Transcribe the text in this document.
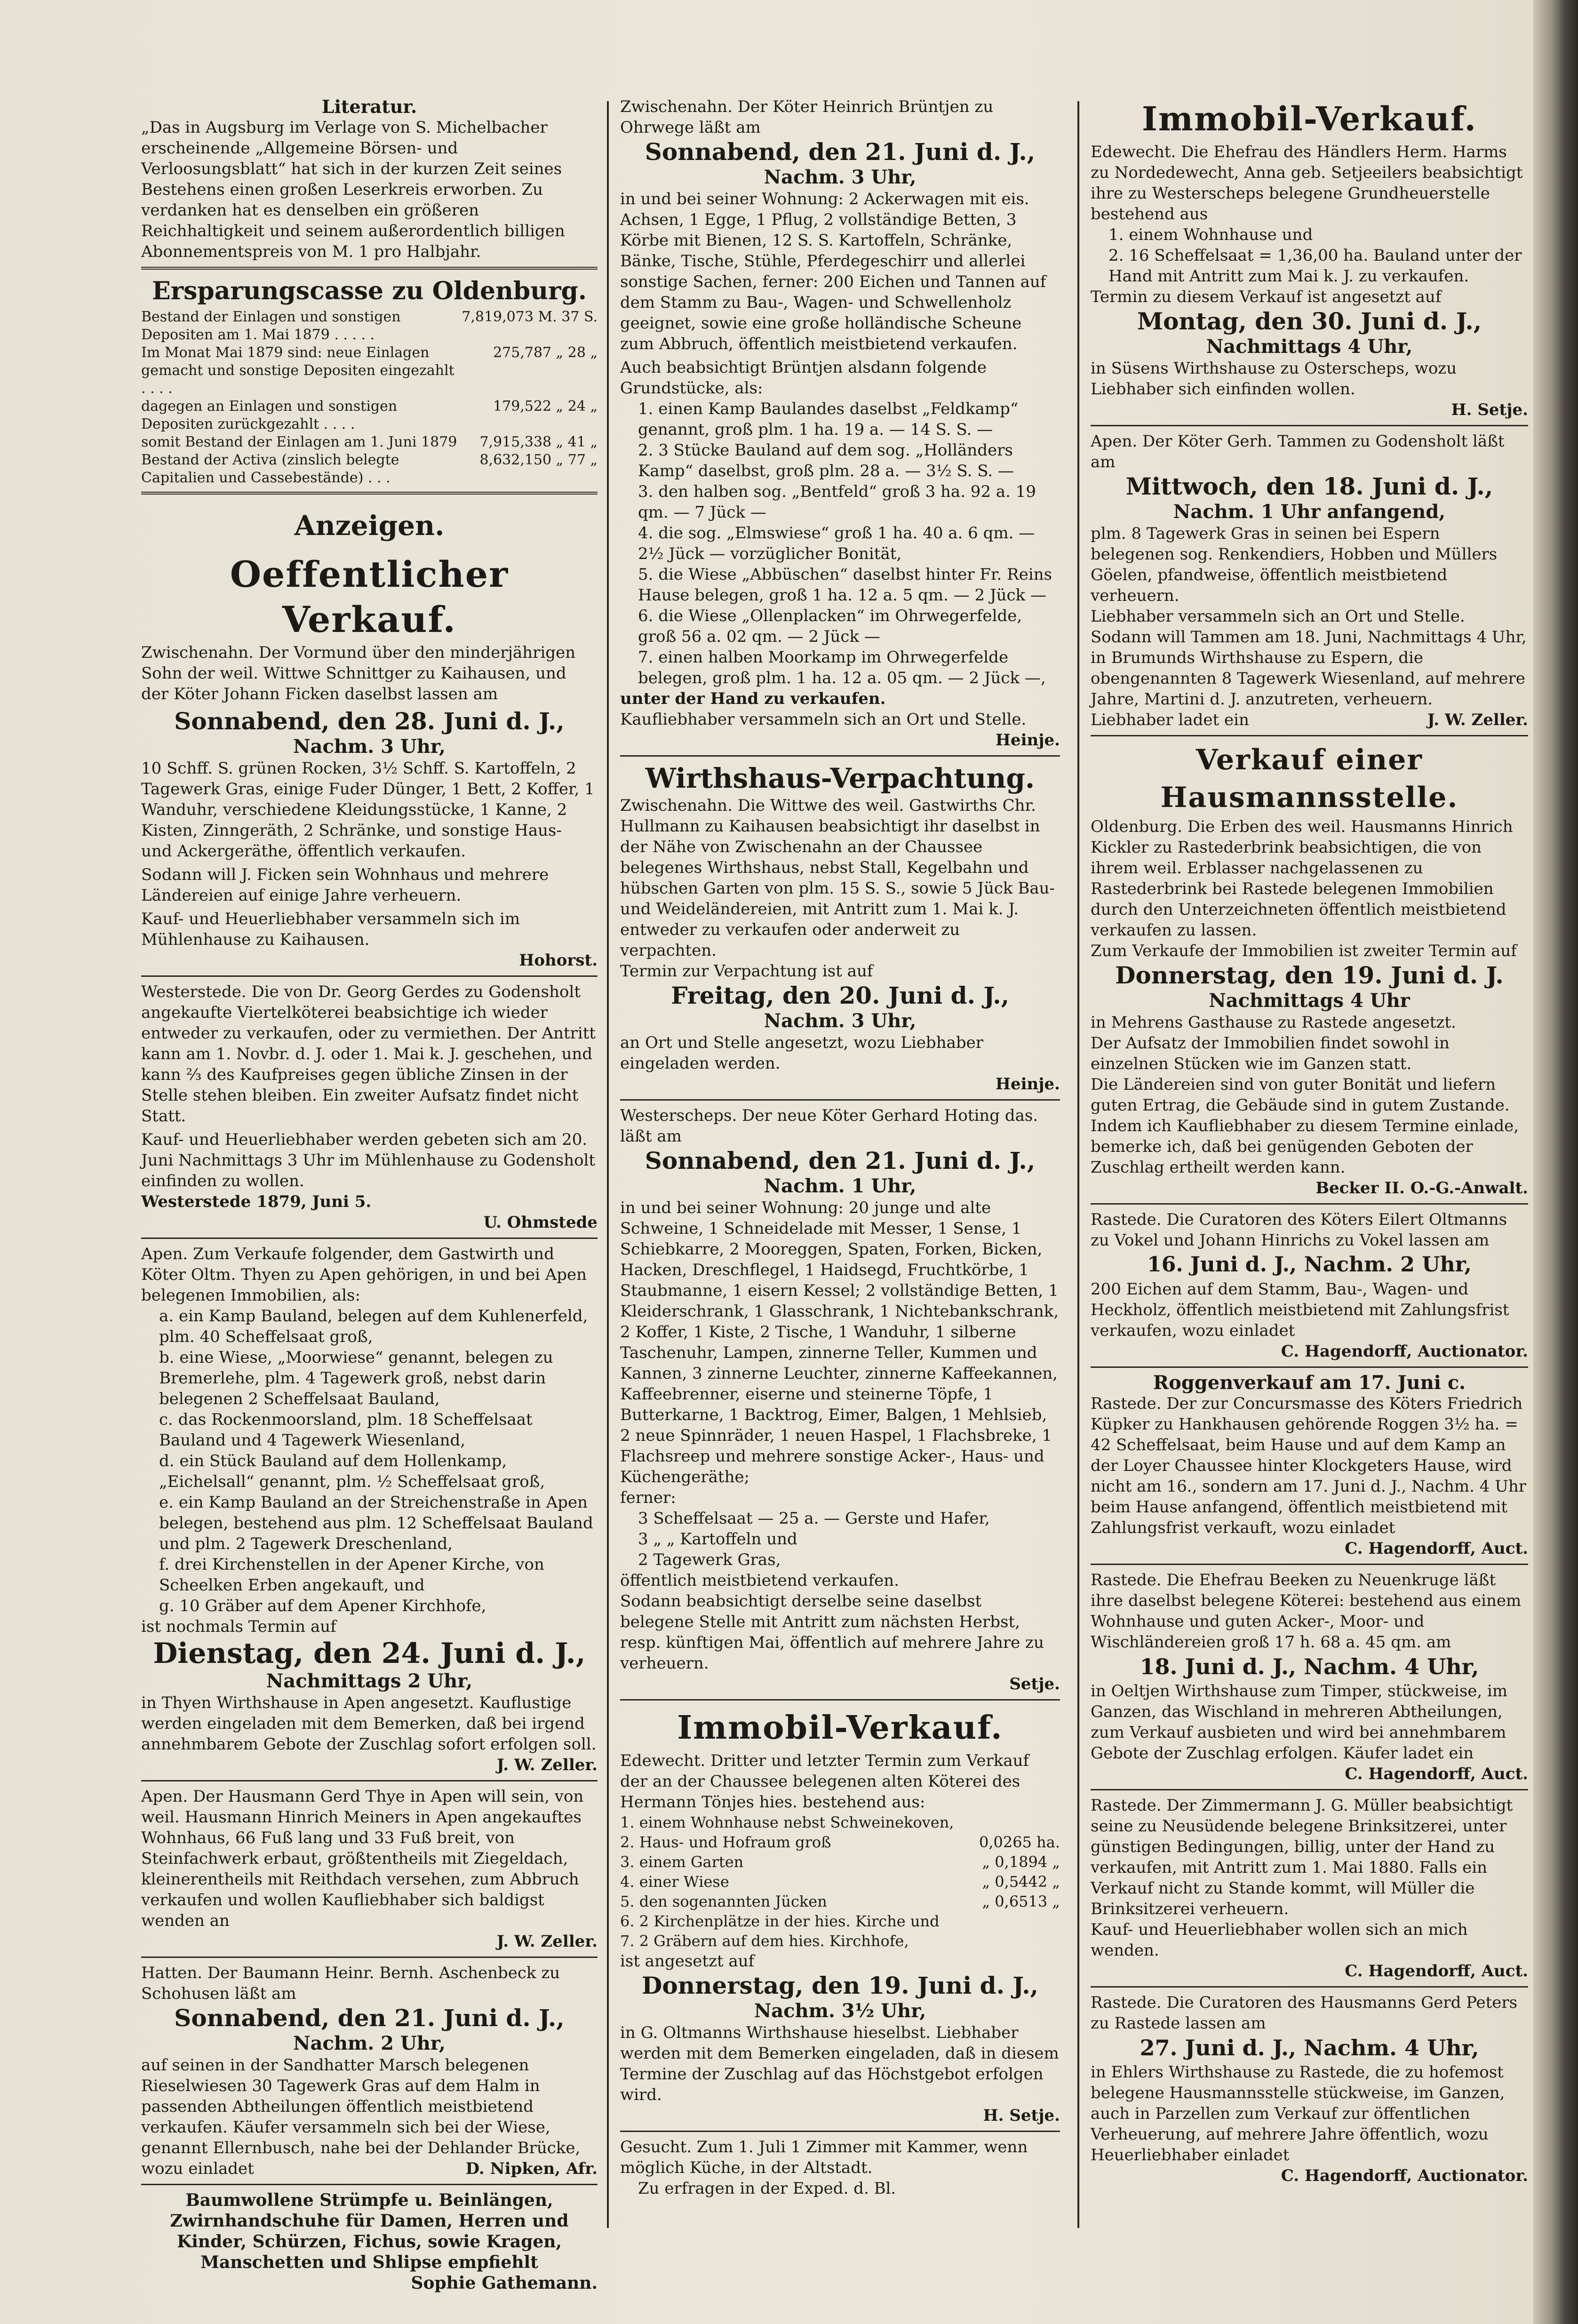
Literatur.
„Das in Augsburg im Verlage von S. Michelbacher erscheinende „Allgemeine Börsen- und Verloosungsblatt“ hat sich in der kurzen Zeit seines Bestehens einen großen Leserkreis erworben. Zu verdanken hat es denselben ein größeren Reichhaltigkeit und seinem außerordentlich billigen Abonnementspreis von M. 1 pro Halbjahr.
Ersparungscasse zu Oldenburg.
Bestand der Einlagen und sonstigen Depositen am 1. Mai 1879 . . . . .	7,819,073 M. 37 S.
Im Monat Mai 1879 sind: neue Einlagen gemacht und sonstige Depositen eingezahlt . . . .	275,787 „ 28 „
dagegen an Einlagen und sonstigen Depositen zurückgezahlt . . . .	179,522 „ 24 „
somit Bestand der Einlagen am 1. Juni 1879	7,915,338 „ 41 „
Bestand der Activa (zinslich belegte Capitalien und Cassebestände) . . .	8,632,150 „ 77 „
Anzeigen.
Oeffentlicher Verkauf.
Zwischenahn. Der Vormund über den minderjährigen Sohn der weil. Wittwe Schnittger zu Kaihausen, und der Köter Johann Ficken daselbst lassen am
Sonnabend, den 28. Juni d. J.,
Nachm. 3 Uhr,
10 Schff. S. grünen Rocken, 3½ Schff. S. Kartoffeln, 2 Tagewerk Gras, einige Fuder Dünger, 1 Bett, 2 Koffer, 1 Wanduhr, verschiedene Kleidungsstücke, 1 Kanne, 2 Kisten, Zinngeräth, 2 Schränke, und sonstige Haus- und Ackergeräthe, öffentlich verkaufen.
Sodann will J. Ficken sein Wohnhaus und mehrere Ländereien auf einige Jahre verheuern.
Kauf- und Heuerliebhaber versammeln sich im Mühlenhause zu Kaihausen.
Hohorst.
Westerstede. Die von Dr. Georg Gerdes zu Godensholt angekaufte Viertelköterei beabsichtige ich wieder entweder zu verkaufen, oder zu vermiethen. Der Antritt kann am 1. Novbr. d. J. oder 1. Mai k. J. geschehen, und kann ⅔ des Kaufpreises gegen übliche Zinsen in der Stelle stehen bleiben. Ein zweiter Aufsatz findet nicht Statt.
Kauf- und Heuerliebhaber werden gebeten sich am 20. Juni Nachmittags 3 Uhr im Mühlenhause zu Godensholt einfinden zu wollen.
Westerstede 1879, Juni 5.
U. Ohmstede
Apen. Zum Verkaufe folgender, dem Gastwirth und Köter Oltm. Thyen zu Apen gehörigen, in und bei Apen belegenen Immobilien, als:
a. ein Kamp Bauland, belegen auf dem Kuhlenerfeld, plm. 40 Scheffelsaat groß,
b. eine Wiese, „Moorwiese“ genannt, belegen zu Bremerlehe, plm. 4 Tagewerk groß, nebst darin belegenen 2 Scheffelsaat Bauland,
c. das Rockenmoorsland, plm. 18 Scheffelsaat Bauland und 4 Tagewerk Wiesenland,
d. ein Stück Bauland auf dem Hollenkamp, „Eichelsall“ genannt, plm. ½ Scheffelsaat groß,
e. ein Kamp Bauland an der Streichenstraße in Apen belegen, bestehend aus plm. 12 Scheffelsaat Bauland und plm. 2 Tagewerk Dreschenland,
f. drei Kirchenstellen in der Apener Kirche, von Scheelken Erben angekauft, und
g. 10 Gräber auf dem Apener Kirchhofe,
ist nochmals Termin auf
Dienstag, den 24. Juni d. J.,
Nachmittags 2 Uhr,
in Thyen Wirthshause in Apen angesetzt. Kauflustige werden eingeladen mit dem Bemerken, daß bei irgend annehmbarem Gebote der Zuschlag sofort erfolgen soll.
J. W. Zeller.
Apen. Der Hausmann Gerd Thye in Apen will sein, von weil. Hausmann Hinrich Meiners in Apen angekauftes Wohnhaus, 66 Fuß lang und 33 Fuß breit, von Steinfachwerk erbaut, größtentheils mit Ziegeldach, kleinerentheils mit Reithdach versehen, zum Abbruch verkaufen und wollen Kaufliebhaber sich baldigst wenden an
J. W. Zeller.
Hatten. Der Baumann Heinr. Bernh. Aschenbeck zu Schohusen läßt am
Sonnabend, den 21. Juni d. J.,
Nachm. 2 Uhr,
auf seinen in der Sandhatter Marsch belegenen Rieselwiesen 30 Tagewerk Gras auf dem Halm in passenden Abtheilungen öffentlich meistbietend verkaufen. Käufer versammeln sich bei der Wiese, genannt Ellernbusch, nahe bei der Dehlander Brücke,
wozu einladet	D. Nipken, Afr.
Baumwollene Strümpfe u. Beinlängen,
Zwirnhandschuhe für Damen, Herren und
Kinder, Schürzen, Fichus, sowie Kragen,
Manschetten und Shlipse empfiehlt
Sophie Gathemann.
Zwischenahn. Der Köter Heinrich Brüntjen zu Ohrwege läßt am
Sonnabend, den 21. Juni d. J.,
Nachm. 3 Uhr,
in und bei seiner Wohnung: 2 Ackerwagen mit eis. Achsen, 1 Egge, 1 Pflug, 2 vollständige Betten, 3 Körbe mit Bienen, 12 S. S. Kartoffeln, Schränke, Bänke, Tische, Stühle, Pferdegeschirr und allerlei sonstige Sachen, ferner: 200 Eichen und Tannen auf dem Stamm zu Bau-, Wagen- und Schwellenholz geeignet, sowie eine große holländische Scheune zum Abbruch, öffentlich meistbietend verkaufen.
Auch beabsichtigt Brüntjen alsdann folgende Grundstücke, als:
1. einen Kamp Baulandes daselbst „Feldkamp“ genannt, groß plm. 1 ha. 19 a. — 14 S. S. —
2. 3 Stücke Bauland auf dem sog. „Holländers Kamp“ daselbst, groß plm. 28 a. — 3½ S. S. —
3. den halben sog. „Bentfeld“ groß 3 ha. 92 a. 19 qm. — 7 Jück —
4. die sog. „Elmswiese“ groß 1 ha. 40 a. 6 qm. — 2½ Jück — vorzüglicher Bonität,
5. die Wiese „Abbüschen“ daselbst hinter Fr. Reins Hause belegen, groß 1 ha. 12 a. 5 qm. — 2 Jück —
6. die Wiese „Ollenplacken“ im Ohrwegerfelde, groß 56 a. 02 qm. — 2 Jück —
7. einen halben Moorkamp im Ohrwegerfelde belegen, groß plm. 1 ha. 12 a. 05 qm. — 2 Jück —,
unter der Hand zu verkaufen.
Kaufliebhaber versammeln sich an Ort und Stelle.
Heinje.
Wirthshaus-Verpachtung.
Zwischenahn. Die Wittwe des weil. Gastwirths Chr. Hullmann zu Kaihausen beabsichtigt ihr daselbst in der Nähe von Zwischenahn an der Chaussee belegenes Wirthshaus, nebst Stall, Kegelbahn und hübschen Garten von plm. 15 S. S., sowie 5 Jück Bau- und Weideländereien, mit Antritt zum 1. Mai k. J. entweder zu verkaufen oder anderweit zu verpachten.
Termin zur Verpachtung ist auf
Freitag, den 20. Juni d. J.,
Nachm. 3 Uhr,
an Ort und Stelle angesetzt, wozu Liebhaber eingeladen werden.
Heinje.
Westerscheps. Der neue Köter Gerhard Hoting das. läßt am
Sonnabend, den 21. Juni d. J.,
Nachm. 1 Uhr,
in und bei seiner Wohnung: 20 junge und alte Schweine, 1 Schneidelade mit Messer, 1 Sense, 1 Schiebkarre, 2 Mooreggen, Spaten, Forken, Bicken, Hacken, Dreschflegel, 1 Haidsegd, Fruchtkörbe, 1 Staubmanne, 1 eisern Kessel; 2 vollständige Betten, 1 Kleiderschrank, 1 Glasschrank, 1 Nichtebankschrank, 2 Koffer, 1 Kiste, 2 Tische, 1 Wanduhr, 1 silberne Taschenuhr, Lampen, zinnerne Teller, Kummen und Kannen, 3 zinnerne Leuchter, zinnerne Kaffeekannen, Kaffeebrenner, eiserne und steinerne Töpfe, 1 Butterkarne, 1 Backtrog, Eimer, Balgen, 1 Mehlsieb, 2 neue Spinnräder, 1 neuen Haspel, 1 Flachsbreke, 1 Flachsreep und mehrere sonstige Acker-, Haus- und Küchengeräthe;
ferner:
3 Scheffelsaat — 25 a. — Gerste und Hafer,
3 „ „ Kartoffeln und
2 Tagewerk Gras,
öffentlich meistbietend verkaufen.
Sodann beabsichtigt derselbe seine daselbst belegene Stelle mit Antritt zum nächsten Herbst, resp. künftigen Mai, öffentlich auf mehrere Jahre zu verheuern.
Setje.
Immobil-Verkauf.
Edewecht. Dritter und letzter Termin zum Verkauf der an der Chaussee belegenen alten Köterei des Hermann Tönjes hies. bestehend aus:
1. einem Wohnhause nebst Schweinekoven,	
2. Haus- und Hofraum groß	0,0265 ha.
3. einem Garten	„ 0,1894 „
4. einer Wiese	„ 0,5442 „
5. den sogenannten Jücken	„ 0,6513 „
6. 2 Kirchenplätze in der hies. Kirche und	
7. 2 Gräbern auf dem hies. Kirchhofe,	
ist angesetzt auf
Donnerstag, den 19. Juni d. J.,
Nachm. 3½ Uhr,
in G. Oltmanns Wirthshause hieselbst. Liebhaber werden mit dem Bemerken eingeladen, daß in diesem Termine der Zuschlag auf das Höchstgebot erfolgen wird.
H. Setje.
Gesucht. Zum 1. Juli 1 Zimmer mit Kammer, wenn möglich Küche, in der Altstadt.
Zu erfragen in der Exped. d. Bl.
Immobil-Verkauf.
Edewecht. Die Ehefrau des Händlers Herm. Harms zu Nordedewecht, Anna geb. Setjeeilers beabsichtigt ihre zu Westerscheps belegene Grundheuerstelle bestehend aus
1. einem Wohnhause und
2. 16 Scheffelsaat = 1,36,00 ha. Bauland unter der Hand mit Antritt zum Mai k. J. zu verkaufen.
Termin zu diesem Verkauf ist angesetzt auf
Montag, den 30. Juni d. J.,
Nachmittags 4 Uhr,
in Süsens Wirthshause zu Osterscheps, wozu Liebhaber sich einfinden wollen.
H. Setje.
Apen. Der Köter Gerh. Tammen zu Godensholt läßt am
Mittwoch, den 18. Juni d. J.,
Nachm. 1 Uhr anfangend,
plm. 8 Tagewerk Gras in seinen bei Espern belegenen sog. Renkendiers, Hobben und Müllers Göelen, pfandweise, öffentlich meistbietend verheuern.
Liebhaber versammeln sich an Ort und Stelle.
Sodann will Tammen am 18. Juni, Nachmittags 4 Uhr, in Brumunds Wirthshause zu Espern, die obengenannten 8 Tagewerk Wiesenland, auf mehrere Jahre, Martini d. J. anzutreten, verheuern.
Liebhaber ladet ein	J. W. Zeller.
Verkauf einer Hausmannsstelle.
Oldenburg. Die Erben des weil. Hausmanns Hinrich Kickler zu Rastederbrink beabsichtigen, die von ihrem weil. Erblasser nachgelassenen zu Rastederbrink bei Rastede belegenen Immobilien durch den Unterzeichneten öffentlich meistbietend verkaufen zu lassen.
Zum Verkaufe der Immobilien ist zweiter Termin auf
Donnerstag, den 19. Juni d. J.
Nachmittags 4 Uhr
in Mehrens Gasthause zu Rastede angesetzt.
Der Aufsatz der Immobilien findet sowohl in einzelnen Stücken wie im Ganzen statt.
Die Ländereien sind von guter Bonität und liefern guten Ertrag, die Gebäude sind in gutem Zustande.
Indem ich Kaufliebhaber zu diesem Termine einlade, bemerke ich, daß bei genügenden Geboten der Zuschlag ertheilt werden kann.
Becker II. O.-G.-Anwalt.
Rastede. Die Curatoren des Köters Eilert Oltmanns zu Vokel und Johann Hinrichs zu Vokel lassen am
16. Juni d. J., Nachm. 2 Uhr,
200 Eichen auf dem Stamm, Bau-, Wagen- und Heckholz, öffentlich meistbietend mit Zahlungsfrist verkaufen, wozu einladet
C. Hagendorff, Auctionator.
Roggenverkauf am 17. Juni c.
Rastede. Der zur Concursmasse des Köters Friedrich Küpker zu Hankhausen gehörende Roggen 3½ ha. = 42 Scheffelsaat, beim Hause und auf dem Kamp an der Loyer Chaussee hinter Klockgeters Hause, wird nicht am 16., sondern am 17. Juni d. J., Nachm. 4 Uhr beim Hause anfangend, öffentlich meistbietend mit Zahlungsfrist verkauft, wozu einladet
C. Hagendorff, Auct.
Rastede. Die Ehefrau Beeken zu Neuenkruge läßt ihre daselbst belegene Köterei: bestehend aus einem Wohnhause und guten Acker-, Moor- und Wischländereien groß 17 h. 68 a. 45 qm. am
18. Juni d. J., Nachm. 4 Uhr,
in Oeltjen Wirthshause zum Timper, stückweise, im Ganzen, das Wischland in mehreren Abtheilungen, zum Verkauf ausbieten und wird bei annehmbarem Gebote der Zuschlag erfolgen. Käufer ladet ein
C. Hagendorff, Auct.
Rastede. Der Zimmermann J. G. Müller beabsichtigt seine zu Neusüdende belegene Brinksitzerei, unter günstigen Bedingungen, billig, unter der Hand zu verkaufen, mit Antritt zum 1. Mai 1880. Falls ein Verkauf nicht zu Stande kommt, will Müller die Brinksitzerei verheuern.
Kauf- und Heuerliebhaber wollen sich an mich wenden.
C. Hagendorff, Auct.
Rastede. Die Curatoren des Hausmanns Gerd Peters zu Rastede lassen am
27. Juni d. J., Nachm. 4 Uhr,
in Ehlers Wirthshause zu Rastede, die zu hofemost belegene Hausmannsstelle stückweise, im Ganzen, auch in Parzellen zum Verkauf zur öffentlichen Verheuerung, auf mehrere Jahre öffentlich, wozu Heuerliebhaber einladet
C. Hagendorff, Auctionator.
